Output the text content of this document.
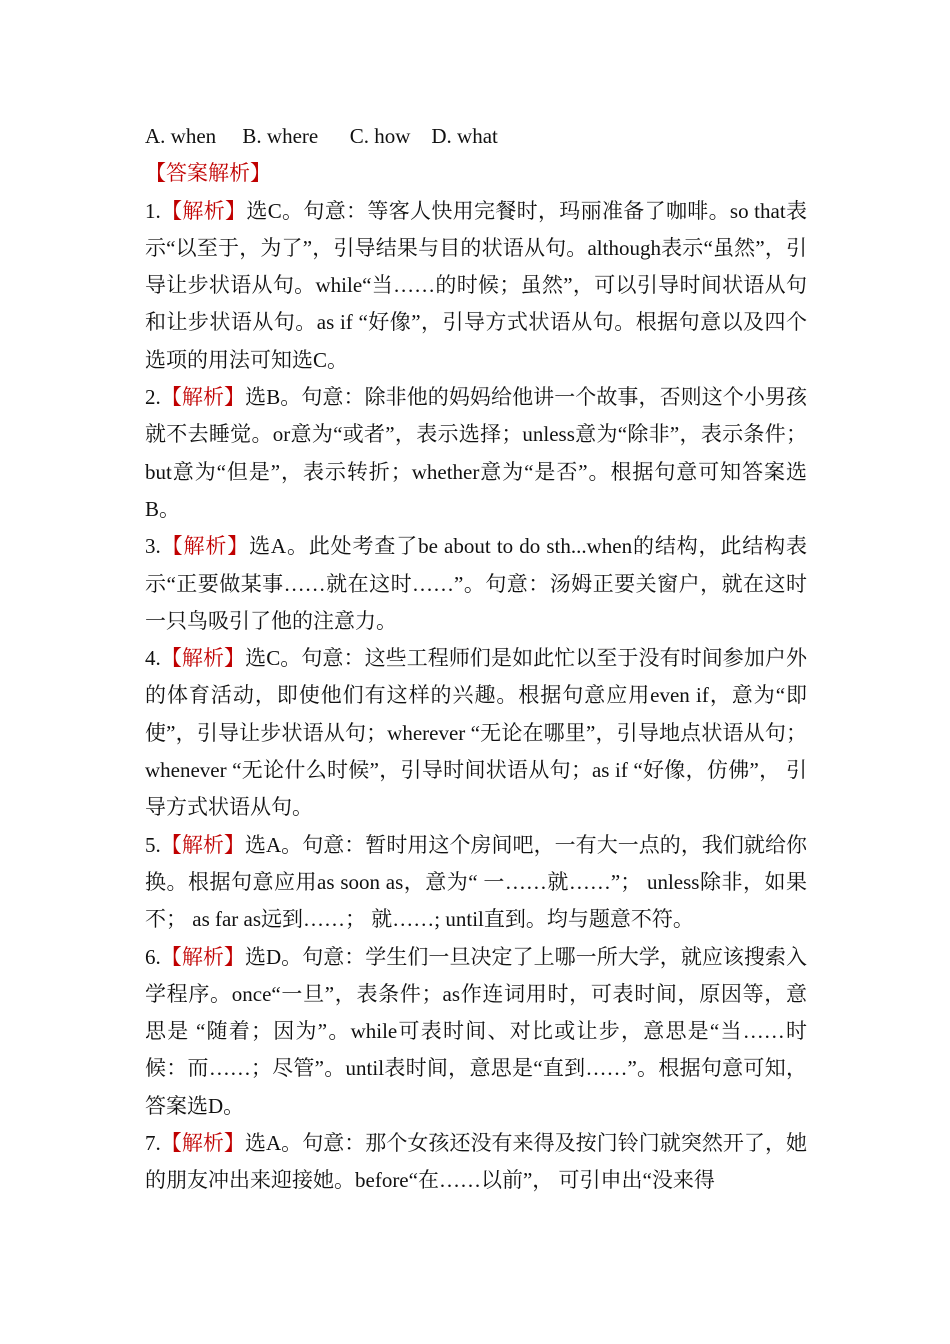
A. when     B. where      C. how    D. what
【答案解析】
1.【解析】选C。句意：等客人快用完餐时，玛丽准备了咖啡。so that表示“以至于，为了”，引导结果与目的状语从句。although表示“虽然”，引导让步状语从句。while“当……的时候；虽然”，可以引导时间状语从句和让步状语从句。as if “好像”，引导方式状语从句。根据句意以及四个选项的用法可知选C。
2.【解析】选B。句意：除非他的妈妈给他讲一个故事，否则这个小男孩就不去睡觉。or意为“或者”，表示选择；unless意为“除非”，表示条件；but意为“但是”，表示转折；whether意为“是否”。根据句意可知答案选B。
3.【解析】选A。此处考查了be about to do sth...when的结构，此结构表示“正要做某事……就在这时……”。句意：汤姆正要关窗户，就在这时一只鸟吸引了他的注意力。
4.【解析】选C。句意：这些工程师们是如此忙以至于没有时间参加户外的体育活动，即使他们有这样的兴趣。根据句意应用even if，意为“即使”，引导让步状语从句；wherever “无论在哪里”，引导地点状语从句；whenever “无论什么时候”，引导时间状语从句；as if “好像，仿佛”， 引导方式状语从句。
5.【解析】选A。句意：暂时用这个房间吧，一有大一点的，我们就给你换。根据句意应用as soon as，意为“ 一……就……”； unless除非，如果不； as far as远到……； 就……; until直到。均与题意不符。
6.【解析】选D。句意：学生们一旦决定了上哪一所大学，就应该搜索入学程序。once“一旦”，表条件；as作连词用时，可表时间，原因等，意思是 “随着；因为”。while可表时间、对比或让步，意思是“当……时候：而……；尽管”。until表时间，意思是“直到……”。根据句意可知，答案选D。
7.【解析】选A。句意：那个女孩还没有来得及按门铃门就突然开了，她的朋友冲出来迎接她。before“在……以前”， 可引申出“没来得
